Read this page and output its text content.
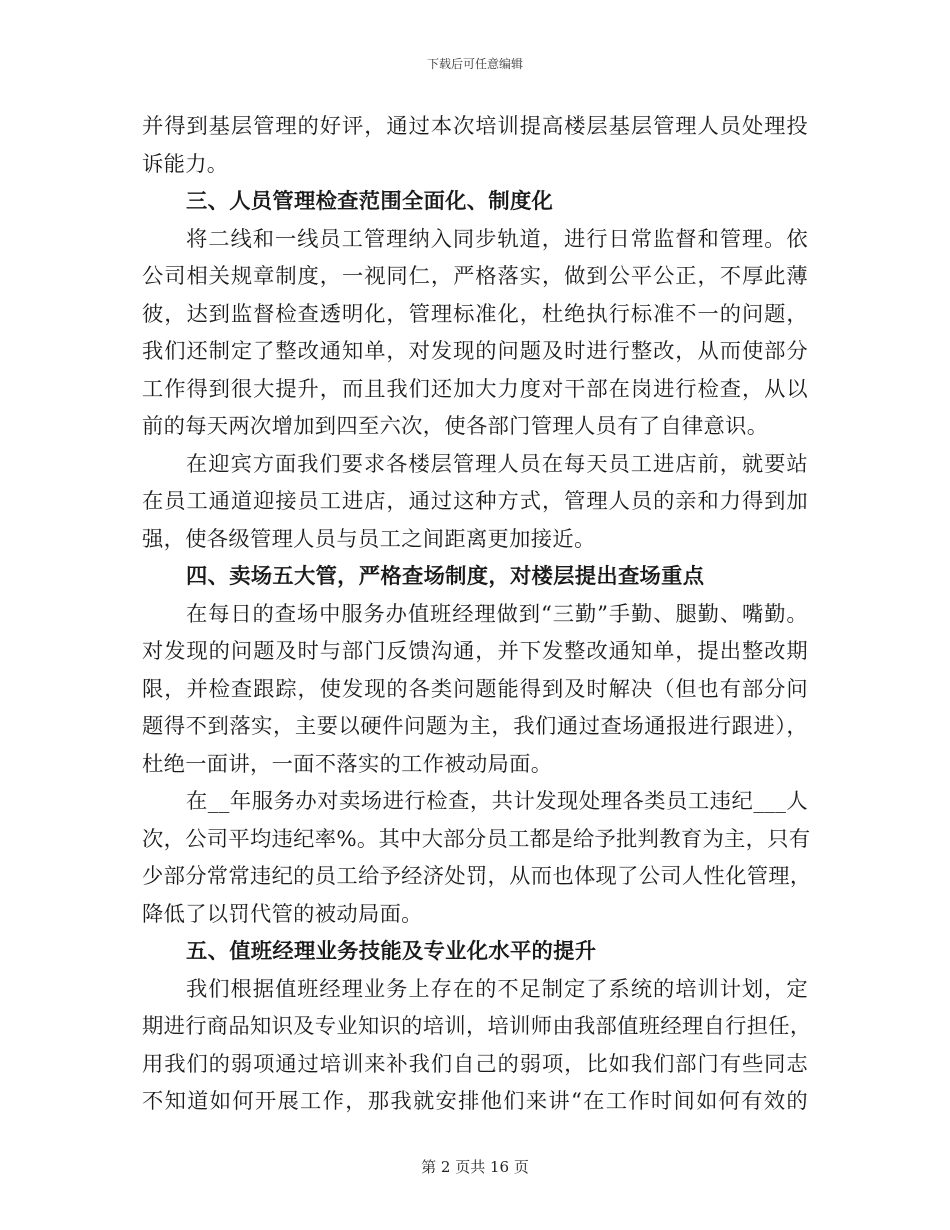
下载后可任意编辑
并得到基层管理的好评，通过本次培训提高楼层基层管理人员处理投
诉能力。
三、人员管理检查范围全面化、制度化
将二线和一线员工管理纳入同步轨道，进行日常监督和管理。依
公司相关规章制度，一视同仁，严格落实，做到公平公正，不厚此薄
彼，达到监督检查透明化，管理标准化，杜绝执行标准不一的问题，
我们还制定了整改通知单，对发现的问题及时进行整改，从而使部分
工作得到很大提升，而且我们还加大力度对干部在岗进行检查，从以
前的每天两次增加到四至六次，使各部门管理人员有了自律意识。
在迎宾方面我们要求各楼层管理人员在每天员工进店前，就要站
在员工通道迎接员工进店，通过这种方式，管理人员的亲和力得到加
强，使各级管理人员与员工之间距离更加接近。
四、卖场五大管，严格查场制度，对楼层提出查场重点
在每日的查场中服务办值班经理做到“三勤”手勤、腿勤、嘴勤。
对发现的问题及时与部门反馈沟通，并下发整改通知单，提出整改期
限，并检查跟踪，使发现的各类问题能得到及时解决（但也有部分问
题得不到落实，主要以硬件问题为主，我们通过查场通报进行跟进），
杜绝一面讲，一面不落实的工作被动局面。
在__年服务办对卖场进行检查，共计发现处理各类员工违纪___人
次，公司平均违纪率%。其中大部分员工都是给予批判教育为主，只有
少部分常常违纪的员工给予经济处罚，从而也体现了公司人性化管理，
降低了以罚代管的被动局面。
五、值班经理业务技能及专业化水平的提升
我们根据值班经理业务上存在的不足制定了系统的培训计划，定
期进行商品知识及专业知识的培训，培训师由我部值班经理自行担任，
用我们的弱项通过培训来补我们自己的弱项，比如我们部门有些同志
不知道如何开展工作，那我就安排他们来讲“在工作时间如何有效的
第 2 页共 16 页
